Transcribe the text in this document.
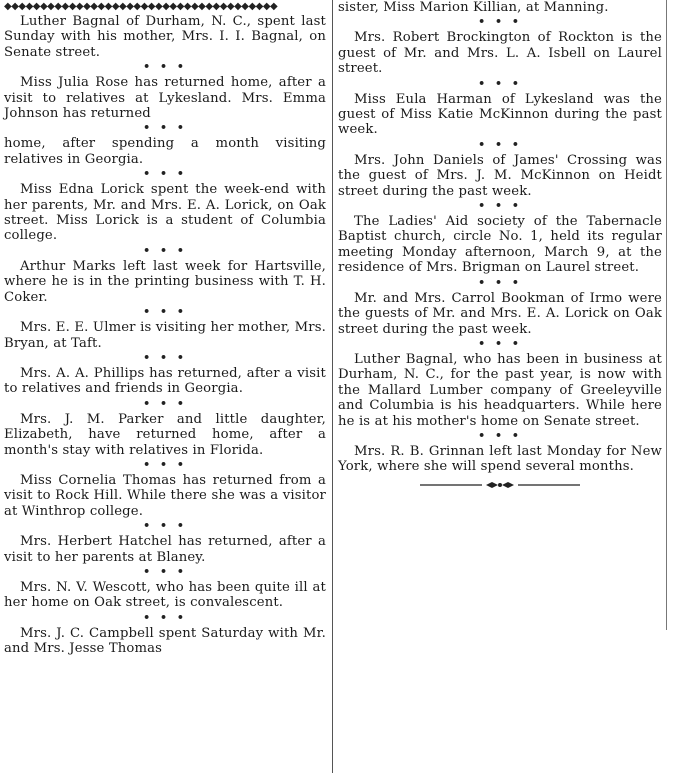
◆◆◆◆◆◆◆◆◆◆◆◆◆◆◆◆◆◆◆◆◆◆◆◆◆◆◆◆◆◆◆◆◆◆◆◆◆◆

Luther Bagnal of Durham, N. C., spent last Sunday with his mother, Mrs. I. I. Bagnal, on Senate street.

• • •

Miss Julia Rose has returned home, after a visit to relatives at Lykesland. Mrs. Emma Johnson has returned

• • •

home, after spending a month visiting relatives in Georgia.

• • •

Miss Edna Lorick spent the week-end with her parents, Mr. and Mrs. E. A. Lorick, on Oak street. Miss Lorick is a student of Columbia college.

• • •

Arthur Marks left last week for Hartsville, where he is in the printing business with T. H. Coker.

• • •

Mrs. E. E. Ulmer is visiting her mother, Mrs. Bryan, at Taft.

• • •

Mrs. A. A. Phillips has returned, after a visit to relatives and friends in Georgia.

• • •

Mrs. J. M. Parker and little daughter, Elizabeth, have returned home, after a month's stay with relatives in Florida.

• • •

Miss Cornelia Thomas has returned from a visit to Rock Hill. While there she was a visitor at Winthrop college.

• • •

Mrs. Herbert Hatchel has returned, after a visit to her parents at Blaney.

• • •

Mrs. N. V. Wescott, who has been quite ill at her home on Oak street, is convalescent.

• • •

Mrs. J. C. Campbell spent Saturday with Mr. and Mrs. Jesse Thomas

sister, Miss Marion Killian, at Manning.

• • •

Mrs. Robert Brockington of Rockton is the guest of Mr. and Mrs. L. A. Isbell on Laurel street.

• • •

Miss Eula Harman of Lykesland was the guest of Miss Katie McKinnon during the past week.

• • •

Mrs. John Daniels of James' Crossing was the guest of Mrs. J. M. McKinnon on Heidt street during the past week.

• • •

The Ladies' Aid society of the Tabernacle Baptist church, circle No. 1, held its regular meeting Monday afternoon, March 9, at the residence of Mrs. Brigman on Laurel street.

• • •

Mr. and Mrs. Carrol Bookman of Irmo were the guests of Mr. and Mrs. E. A. Lorick on Oak street during the past week.

• • •

Luther Bagnal, who has been in business at Durham, N. C., for the past year, is now with the Mallard Lumber company of Greeleyville and Columbia is his headquarters. While here he is at his mother's home on Senate street.

• • •

Mrs. R. B. Grinnan left last Monday for New York, where she will spend several months.
